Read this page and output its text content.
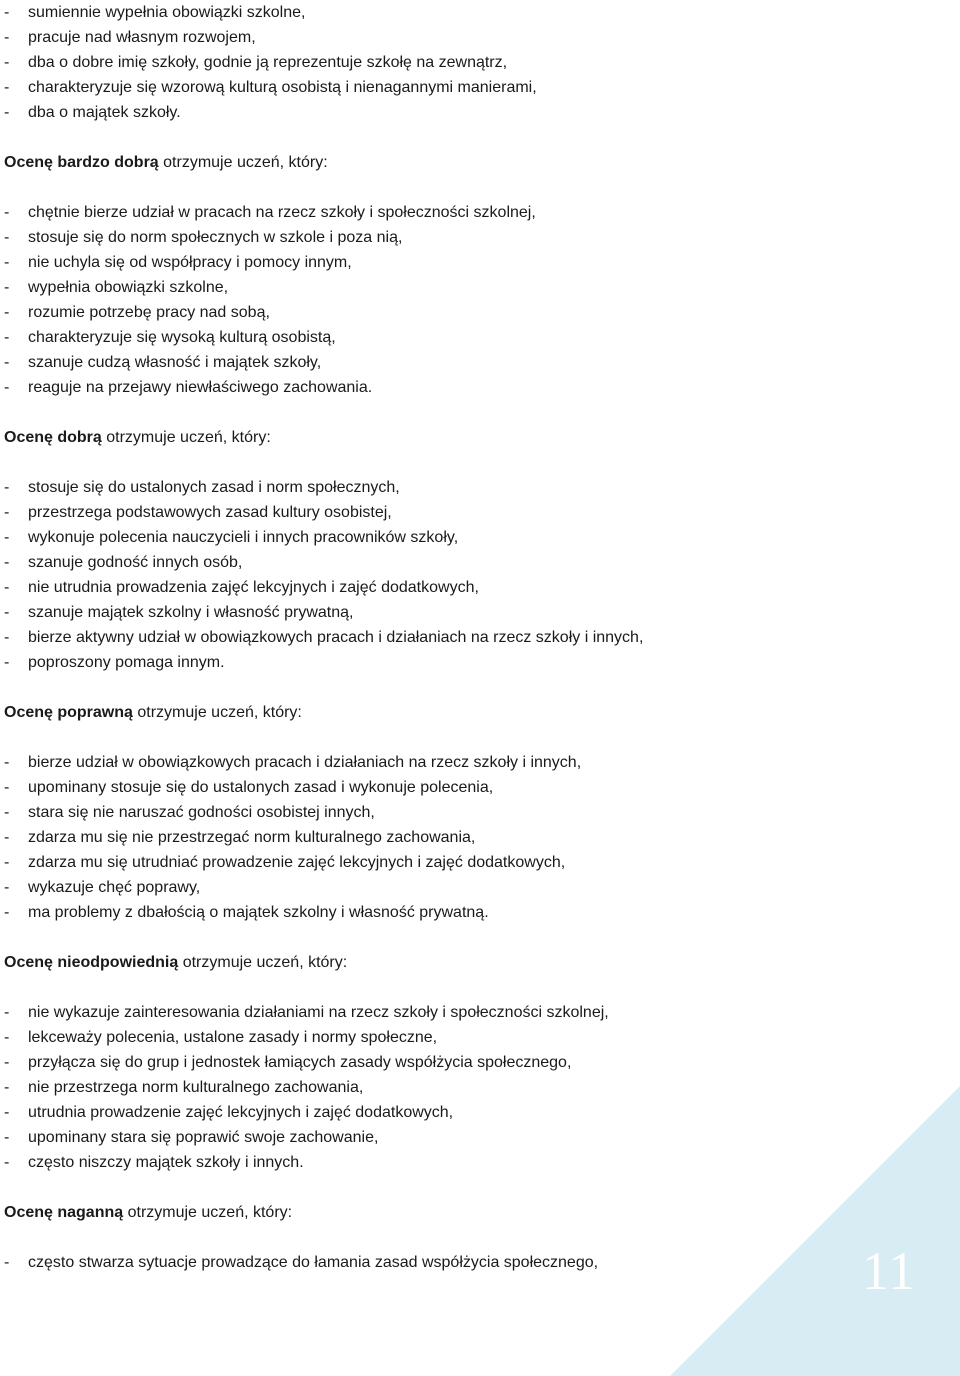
- sumiennie wypełnia obowiązki szkolne,
- pracuje nad własnym rozwojem,
- dba o dobre imię szkoły, godnie ją reprezentuje szkołę na zewnątrz,
- charakteryzuje się wzorową kulturą osobistą i nienagannymi manierami,
- dba o majątek szkoły.
Ocenę bardzo dobrą otrzymuje uczeń, który:
- chętnie bierze udział w pracach na rzecz szkoły i społeczności szkolnej,
- stosuje się do norm społecznych w szkole i poza nią,
- nie uchyla się od współpracy i pomocy innym,
- wypełnia obowiązki szkolne,
- rozumie potrzebę pracy nad sobą,
- charakteryzuje się wysoką kulturą osobistą,
- szanuje cudzą własność i majątek szkoły,
- reaguje na przejawy niewłaściwego zachowania.
Ocenę dobrą otrzymuje uczeń, który:
- stosuje się do ustalonych zasad i norm społecznych,
- przestrzega podstawowych zasad kultury osobistej,
- wykonuje polecenia nauczycieli i innych pracowników szkoły,
- szanuje godność innych osób,
- nie utrudnia prowadzenia zajęć lekcyjnych i zajęć dodatkowych,
- szanuje majątek szkolny i własność prywatną,
- bierze aktywny udział w obowiązkowych pracach i działaniach na rzecz szkoły i innych,
- poproszony pomaga innym.
Ocenę poprawną otrzymuje uczeń, który:
- bierze udział w obowiązkowych pracach i działaniach na rzecz szkoły i innych,
- upominany stosuje się do ustalonych zasad i wykonuje polecenia,
- stara się nie naruszać godności osobistej innych,
- zdarza mu się nie przestrzegać norm kulturalnego zachowania,
- zdarza mu się utrudniać prowadzenie zajęć lekcyjnych i zajęć dodatkowych,
- wykazuje chęć poprawy,
- ma problemy z dbałością o majątek szkolny i własność prywatną.
Ocenę nieodpowiednią otrzymuje uczeń, który:
- nie wykazuje zainteresowania działaniami na rzecz szkoły i społeczności szkolnej,
- lekceważy polecenia, ustalone zasady i normy społeczne,
- przyłącza się do grup i jednostek łamiących zasady współżycia społecznego,
- nie przestrzega norm kulturalnego zachowania,
- utrudnia prowadzenie zajęć lekcyjnych i zajęć dodatkowych,
- upominany stara się poprawić swoje zachowanie,
- często niszczy majątek szkoły i innych.
Ocenę naganną otrzymuje uczeń, który:
- często stwarza sytuacje prowadzące do łamania zasad współżycia społecznego,	11
